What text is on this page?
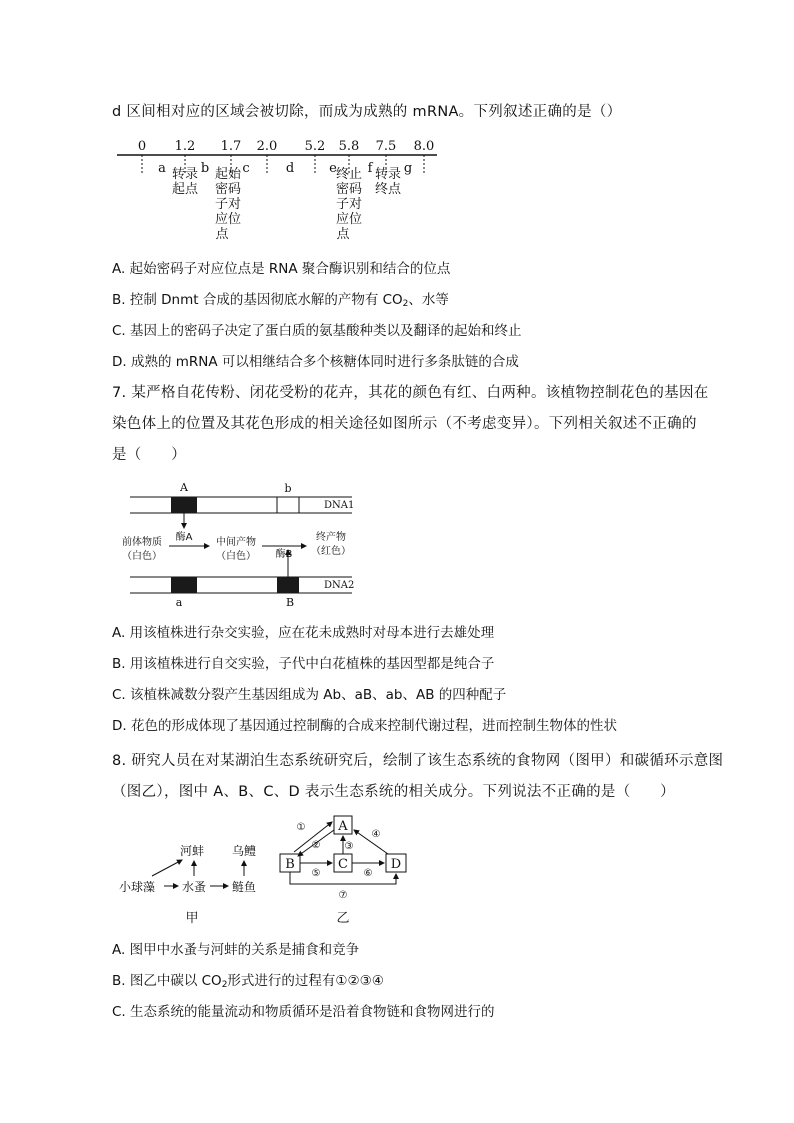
d 区间相对应的区域会被切除，而成为成熟的 mRNA。下列叙述正确的是（）
0 1.2 1.7 2.0 5.2 5.8 7.5 8.0
a	b	c	d	e f g
转录
起点
起始
密码
子对
应位
点
终止
密码
子对
应位
点
转录
终点
A. 起始密码子对应位点是 RNA 聚合酶识别和结合的位点
B. 控制 Dnmt 合成的基因彻底水解的产物有 $CO_2$、水等
C. 基因上的密码子决定了蛋白质的氨基酸种类以及翻译的起始和终止
D. 成熟的 mRNA 可以相继结合多个核糖体同时进行多条肽链的合成
7. 某严格自花传粉、闭花受粉的花卉，其花的颜色有红、白两种。该植物控制花色的基因在
染色体上的位置及其花色形成的相关途径如图所示（不考虑变异）。下列相关叙述不正确的
是（　　）
A	b
DNA1
酶A
前体物质
（白色）
中间产物
（白色）
终产物
（红色）
酶B
DNA2
a	B
A. 用该植株进行杂交实验，应在花未成熟时对母本进行去雄处理
B. 用该植株进行自交实验，子代中白花植株的基因型都是纯合子
C. 该植株减数分裂产生基因组成为 Ab、aB、ab、AB 的四种配子
D. 花色的形成体现了基因通过控制酶的合成来控制代谢过程，进而控制生物体的性状
8. 研究人员在对某湖泊生态系统研究后，绘制了该生态系统的食物网（图甲）和碳循环示意图
（图乙），图中 A、B、C、D 表示生态系统的相关成分。下列说法不正确的是（　　）
河蚌 乌鳢
小球藻 水蚤 鲢鱼
甲
A
B	C	D
①
② ③
④
⑤	⑥
⑦
乙
A. 图甲中水蚤与河蚌的关系是捕食和竞争
B. 图乙中碳以 $CO_2$形式进行的过程有①②③④
C. 生态系统的能量流动和物质循环是沿着食物链和食物网进行的
